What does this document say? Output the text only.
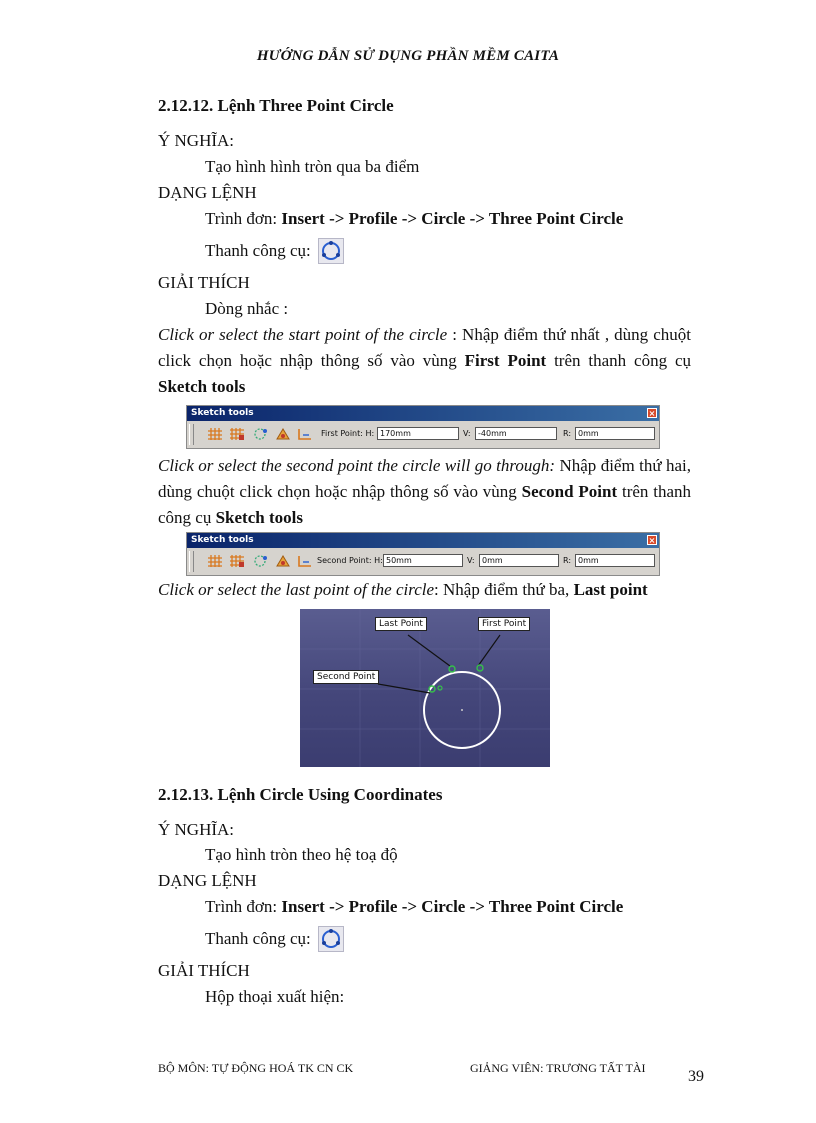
HƯỚNG DẪN SỬ DỤNG PHẦN MỀM CAITA
2.12.12. Lệnh Three Point Circle
Ý NGHĨA:
Tạo hình hình tròn qua ba điểm
DẠNG LỆNH
Trình đơn: Insert -> Profile -> Circle -> Three Point Circle
Thanh công cụ:
GIẢI THÍCH
Dòng nhắc :
Click or select the start point of the circle : Nhập điểm thứ nhất , dùng chuột click chọn hoặc nhập thông số vào vùng First Point trên thanh công cụ Sketch tools
Sketch tools	×
First Point: H: 170mm	V: -40mm	R: 0mm
Click or select the second point the circle will go through: Nhập điểm thứ hai, dùng chuột click chọn hoặc nhập thông số vào vùng Second Point trên thanh công cụ Sketch tools
Sketch tools	×
Second Point: H: 50mm	V: 0mm	R: 0mm
Click or select the last point of the circle: Nhập điểm thứ ba, Last point
Last Point	First Point
Second Point
2.12.13. Lệnh Circle Using Coordinates
Ý NGHĨA:
Tạo hình tròn theo hệ toạ độ
DẠNG LỆNH
Trình đơn: Insert -> Profile -> Circle -> Three Point Circle
Thanh công cụ:
GIẢI THÍCH
Hộp thoại xuất hiện:
BỘ MÔN: TỰ ĐỘNG HOÁ TK CN CK	GIẢNG VIÊN: TRƯƠNG TẤT TÀI	39
